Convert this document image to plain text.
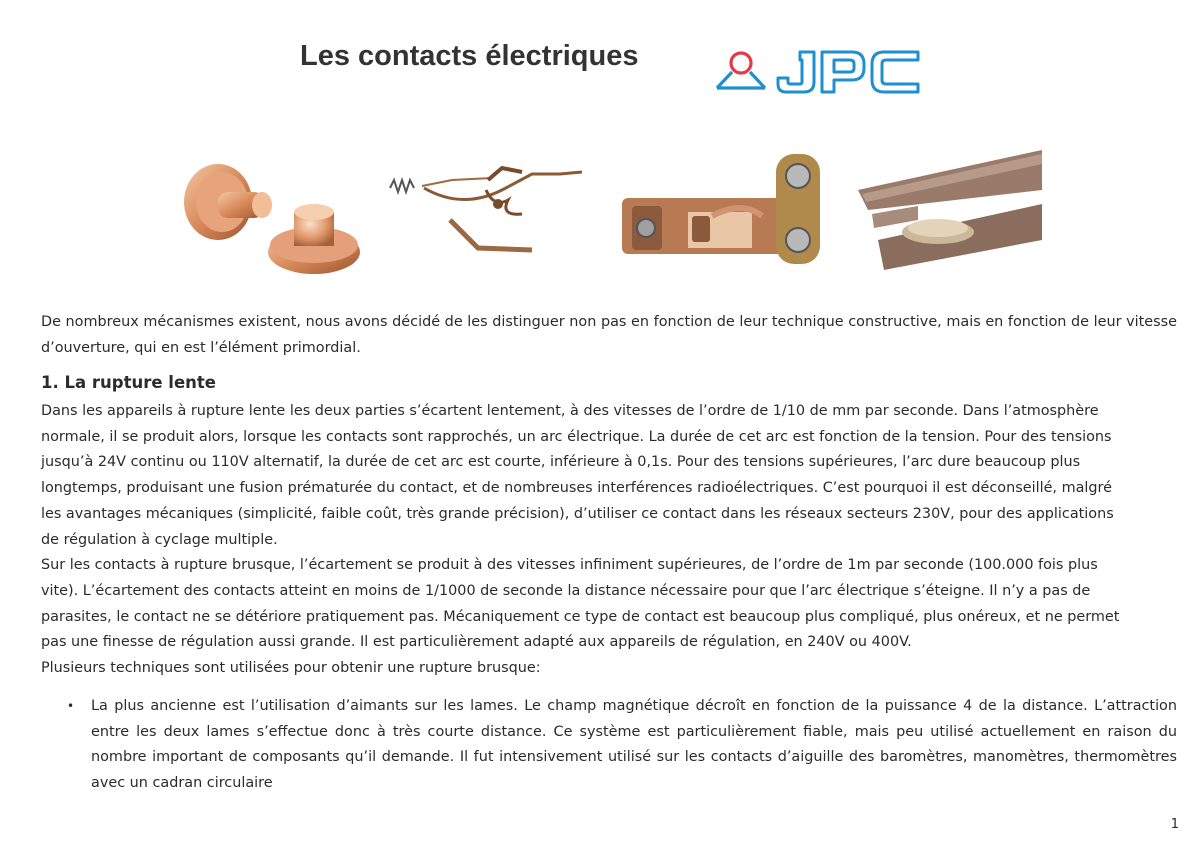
Les contacts électriques

De nombreux mécanismes existent, nous avons décidé de les distinguer non pas en fonction de leur technique constructive, mais en fonction de leur vitesse d’ouverture, qui en est l’élément primordial.

1. La rupture lente
Dans les appareils à rupture lente les deux parties s’écartent lentement, à des vitesses de l’ordre de 1/10 de mm par seconde. Dans l’atmosphère
normale, il se produit alors, lorsque les contacts sont rapprochés, un arc électrique. La durée de cet arc est fonction de la tension. Pour des tensions
jusqu’à 24V continu ou 110V alternatif, la durée de cet arc est courte, inférieure à 0,1s. Pour des tensions supérieures, l’arc dure beaucoup plus
longtemps, produisant une fusion prématurée du contact, et de nombreuses interférences radioélectriques. C’est pourquoi il est déconseillé, malgré
les avantages mécaniques (simplicité, faible coût, très grande précision), d’utiliser ce contact dans les réseaux secteurs 230V, pour des applications
de régulation à cyclage multiple.
Sur les contacts à rupture brusque, l’écartement se produit à des vitesses infiniment supérieures, de l’ordre de 1m par seconde (100.000 fois plus
vite). L’écartement des contacts atteint en moins de 1/1000 de seconde la distance nécessaire pour que l’arc électrique s’éteigne. Il n’y a pas de
parasites, le contact ne se détériore pratiquement pas. Mécaniquement ce type de contact est beaucoup plus compliqué, plus onéreux, et ne permet
pas une finesse de régulation aussi grande. Il est particulièrement adapté aux appareils de régulation, en 240V ou 400V.
Plusieurs techniques sont utilisées pour obtenir une rupture brusque:
• La plus ancienne est l’utilisation d’aimants sur les lames. Le champ magnétique décroît en fonction de la puissance 4 de la distance. L’attraction entre les deux lames s’effectue donc à très courte distance. Ce système est particulièrement fiable, mais peu utilisé actuellement en raison du nombre important de composants qu’il demande. Il fut intensivement utilisé sur les contacts d’aiguille des baromètres, manomètres, thermomètres avec un cadran circulaire
1
